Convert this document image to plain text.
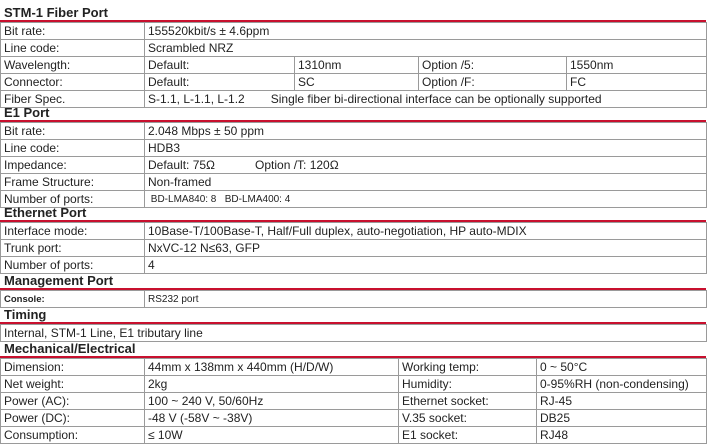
STM-1 Fiber Port
Bit rate:	155520kbit/s ± 4.6ppm			
Line code:	Scrambled NRZ			
Wavelength:	Default:	1310nm	Option /5:	1550nm
Connector:	Default:	SC	Option /F:	FC
Fiber Spec.	S-1.1, L-1.1, L-1.2 Single fiber bi-directional interface can be optionally supported			
E1 Port
Bit rate:	2.048 Mbps ± 50 ppm
Line code:	HDB3
Impedance:	Default: 75Ω Option /T: 120Ω
Frame Structure:	Non-framed
Number of ports:	BD-LMA840: 8 BD-LMA400: 4
Ethernet Port
Interface mode:	10Base-T/100Base-T, Half/Full duplex, auto-negotiation, HP auto-MDIX
Trunk port:	NxVC-12 N≤63, GFP
Number of ports:	4
Management Port
Console:	RS232 port
Timing
Internal, STM-1 Line, E1 tributary line
Mechanical/Electrical
Dimension:	44mm x 138mm x 440mm (H/D/W)	Working temp:	0 ~ 50°C
Net weight:	2kg	Humidity:	0-95%RH (non-condensing)
Power (AC):	100 ~ 240 V, 50/60Hz	Ethernet socket:	RJ-45
Power (DC):	-48 V (-58V ~ -38V)	V.35 socket:	DB25
Consumption:	≤ 10W	E1 socket:	RJ48
